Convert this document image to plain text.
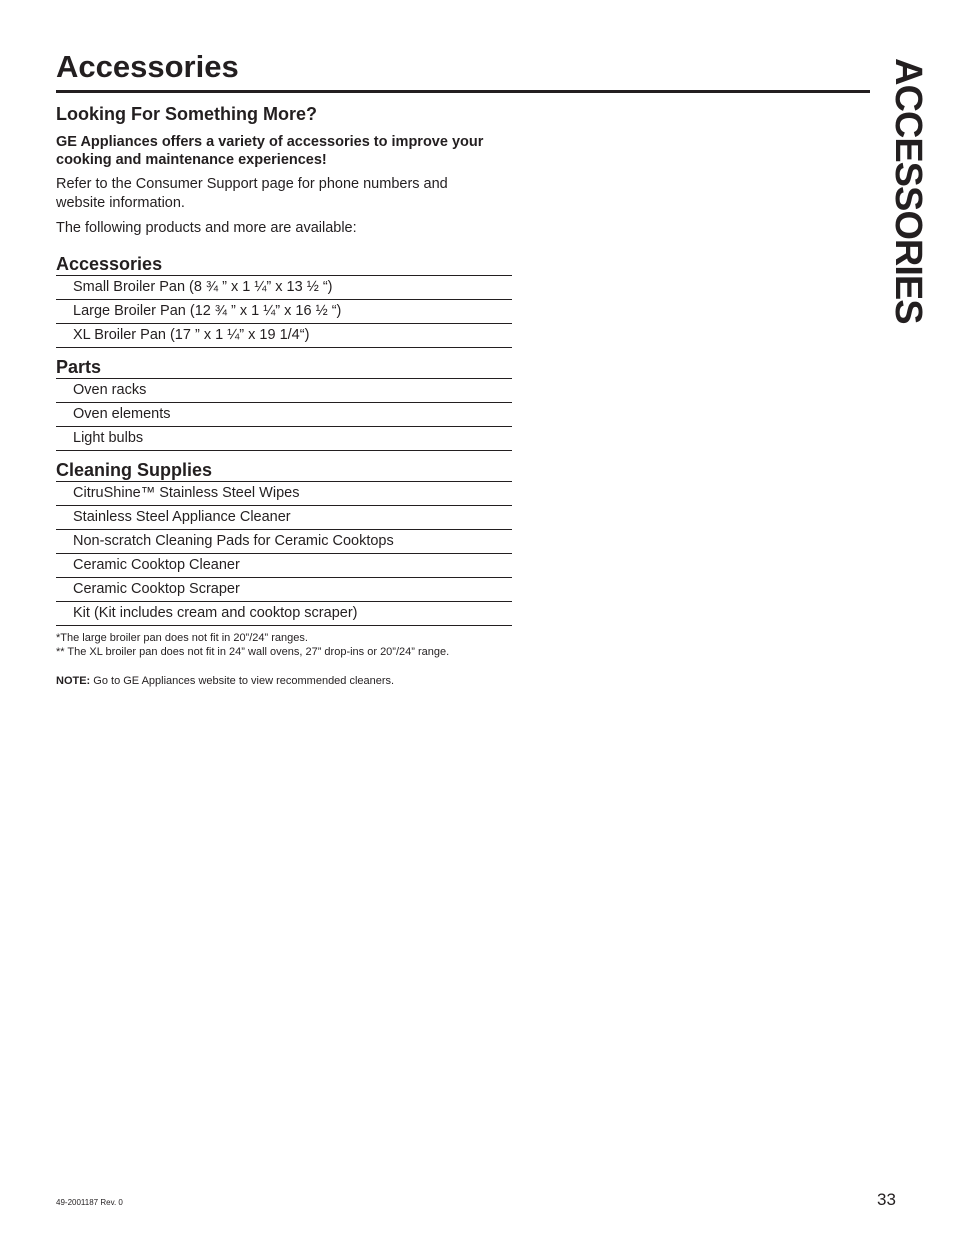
Accessories	ACCESSORIES
Looking For Something More?

GE Appliances offers a variety of accessories to improve your cooking and maintenance experiences!

Refer to the Consumer Support page for phone numbers and website information.

The following products and more are available:

Accessories
Small Broiler Pan (8 ¾ ” x 1 ¼” x 13 ½ “)
Large Broiler Pan (12 ¾ ” x 1 ¼” x 16 ½ “)
XL Broiler Pan (17 ” x 1 ¼” x 19 1/4“)
Parts
Oven racks
Oven elements
Light bulbs
Cleaning Supplies
CitruShine™ Stainless Steel Wipes
Stainless Steel Appliance Cleaner
Non-scratch Cleaning Pads for Ceramic Cooktops
Ceramic Cooktop Cleaner
Ceramic Cooktop Scraper
Kit (Kit includes cream and cooktop scraper)

*The large broiler pan does not fit in 20”/24” ranges.

** The XL broiler pan does not fit in 24” wall ovens, 27” drop-ins or 20”/24” range.

NOTE: Go to GE Appliances website to view recommended cleaners.

49-2001187 Rev. 0	33
